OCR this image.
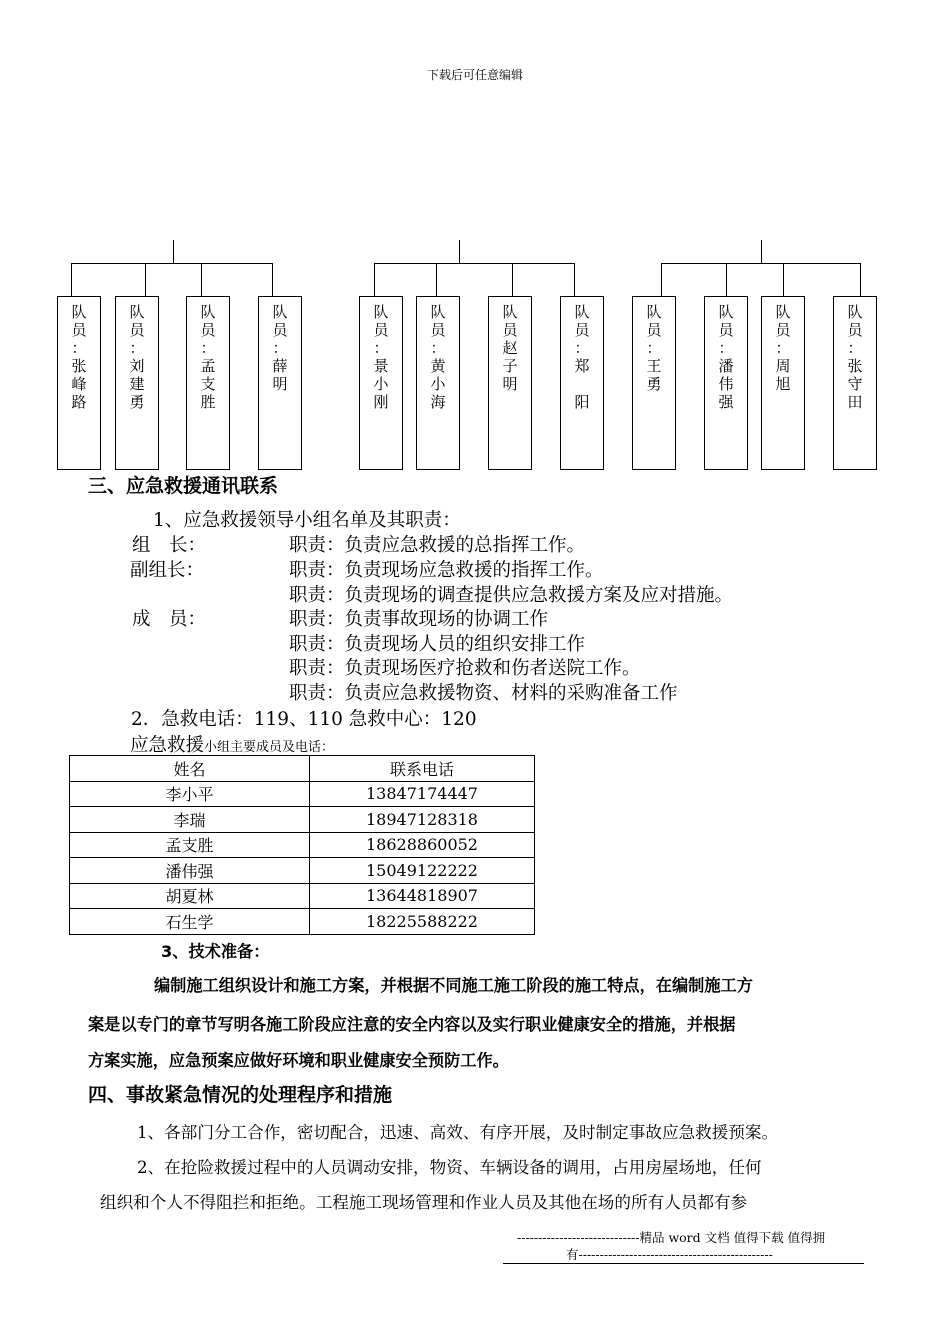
下载后可任意编辑
队
员
：
张
峰
路
队
员
：
刘
建
勇
队
员
：
孟
支
胜
队
员
：
薛
明
队
员
：
景
小
刚
队
员
：
黄
小
海
队
员
赵
子
明
队
员
：
郑

阳
队
员
：
王
勇
队
员
：
潘
伟
强
队
员
：
周
旭
队
员
：
张
守
田
三、应急救援通讯联系
1、应急救援领导小组名单及其职责：
组　长：	职责：负责应急救援的总指挥工作。
副组长：	职责：负责现场应急救援的指挥工作。
职责：负责现场的调查提供应急救援方案及应对措施。
成　员：	职责：负责事故现场的协调工作
职责：负责现场人员的组织安排工作
职责：负责现场医疗抢救和伤者送院工作。
职责：负责应急救援物资、材料的采购准备工作
2．急救电话：119、110 急救中心：120
应急救援小组主要成员及电话：
姓名	联系电话
李小平	13847174447
李瑞	18947128318
孟支胜	18628860052
潘伟强	15049122222
胡夏林	13644818907
石生学	18225588222
3、技术准备：
编制施工组织设计和施工方案，并根据不同施工施工阶段的施工特点，在编制施工方
案是以专门的章节写明各施工阶段应注意的安全内容以及实行职业健康安全的措施，并根据
方案实施，应急预案应做好环境和职业健康安全预防工作。
四、事故紧急情况的处理程序和措施
1、各部门分工合作，密切配合，迅速、高效、有序开展，及时制定事故应急救援预案。
2、在抢险救援过程中的人员调动安排，物资、车辆设备的调用，占用房屋场地，任何
组织和个人不得阻拦和拒绝。工程施工现场管理和作业人员及其他在场的所有人员都有参
-----------------------------精品 word 文档 值得下载 值得拥
有----------------------------------------------
